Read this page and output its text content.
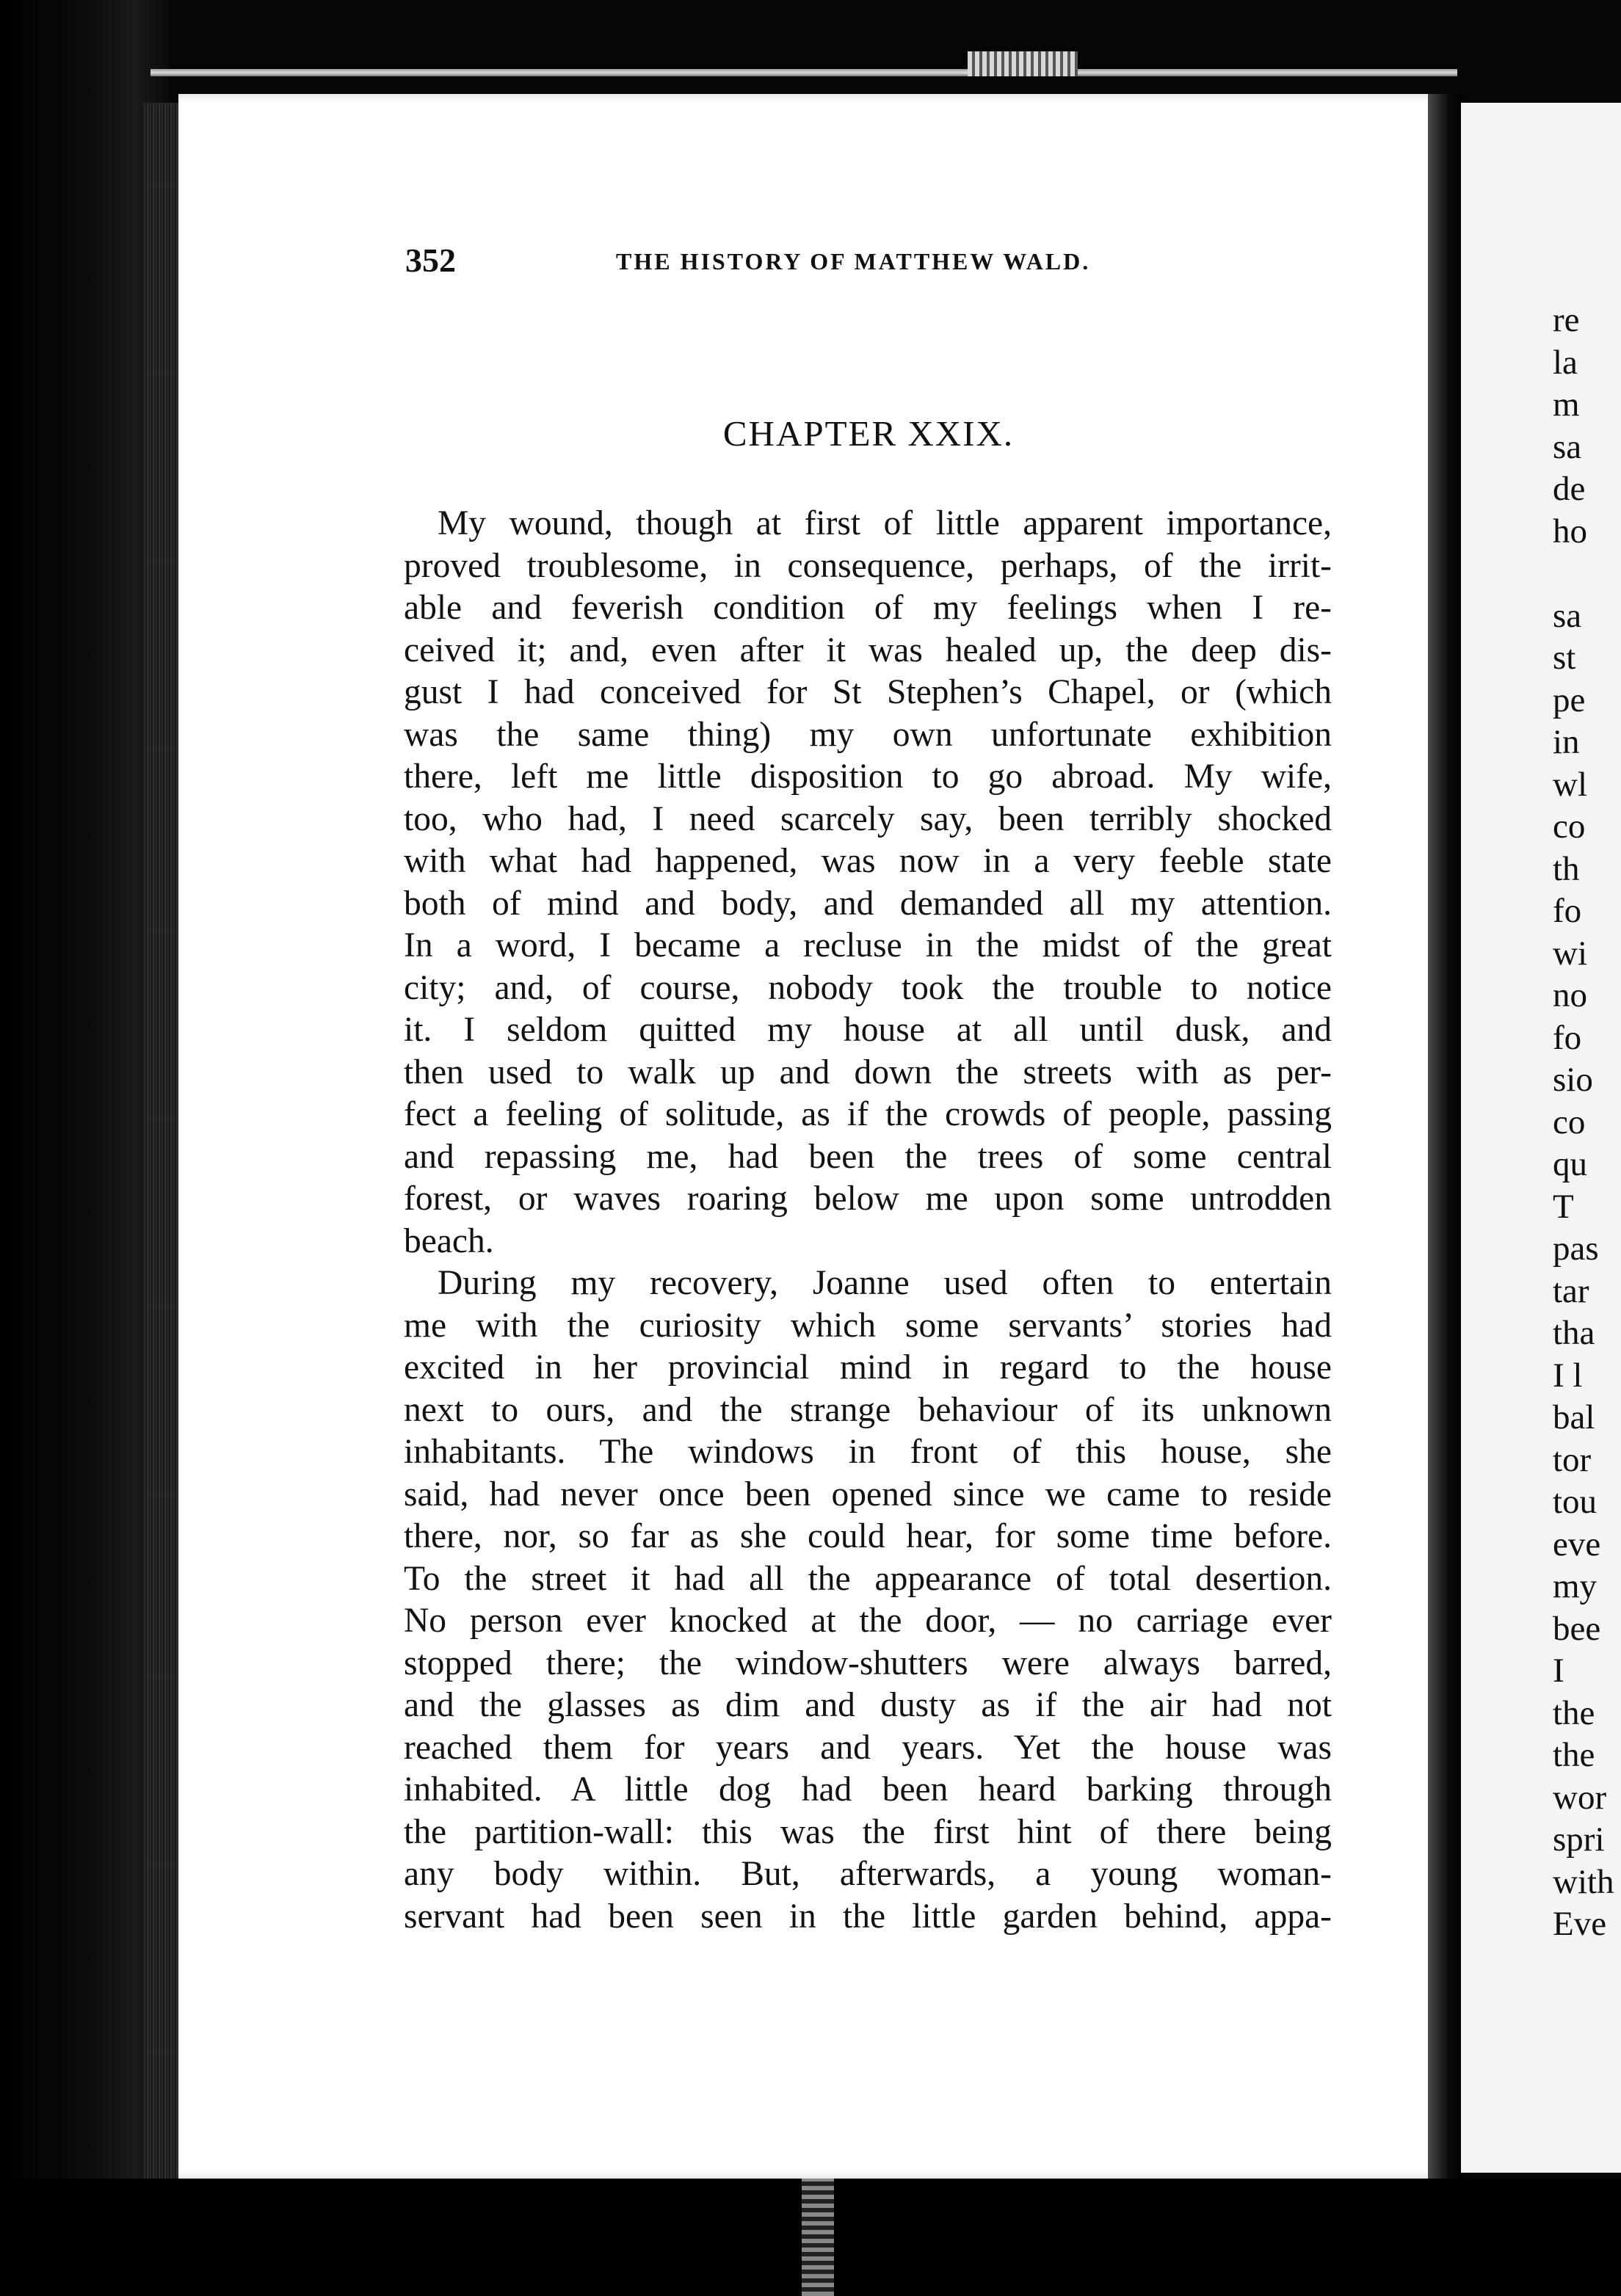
352	THE HISTORY OF MATTHEW WALD.
CHAPTER XXIX.
My wound, though at first of little apparent importance,
proved troublesome, in consequence, perhaps, of the irrit-
able and feverish condition of my feelings when I re-
ceived it; and, even after it was healed up, the deep dis-
gust I had conceived for St Stephen’s Chapel, or (which
was the same thing) my own unfortunate exhibition
there, left me little disposition to go abroad. My wife,
too, who had, I need scarcely say, been terribly shocked
with what had happened, was now in a very feeble state
both of mind and body, and demanded all my attention.
In a word, I became a recluse in the midst of the great
city; and, of course, nobody took the trouble to notice
it. I seldom quitted my house at all until dusk, and
then used to walk up and down the streets with as per-
fect a feeling of solitude, as if the crowds of people, passing
and repassing me, had been the trees of some central
forest, or waves roaring below me upon some untrodden
beach.
During my recovery, Joanne used often to entertain
me with the curiosity which some servants’ stories had
excited in her provincial mind in regard to the house
next to ours, and the strange behaviour of its unknown
inhabitants. The windows in front of this house, she
said, had never once been opened since we came to reside
there, nor, so far as she could hear, for some time before.
To the street it had all the appearance of total desertion.
No person ever knocked at the door, — no carriage ever
stopped there; the window-shutters were always barred,
and the glasses as dim and dusty as if the air had not
reached them for years and years. Yet the house was
inhabited. A little dog had been heard barking through
the partition-wall: this was the first hint of there being
any body within. But, afterwards, a young woman-
servant had been seen in the little garden behind, appa-
re
la
m
sa
de
ho
sa
st
pe
in
wl
co
th
fo
wi
no
fo
sio
co
qu
T
pas
tar
tha
I l
bal
tor
tou
eve
my
bee
I
the
the
wor
spri
with
Eve
